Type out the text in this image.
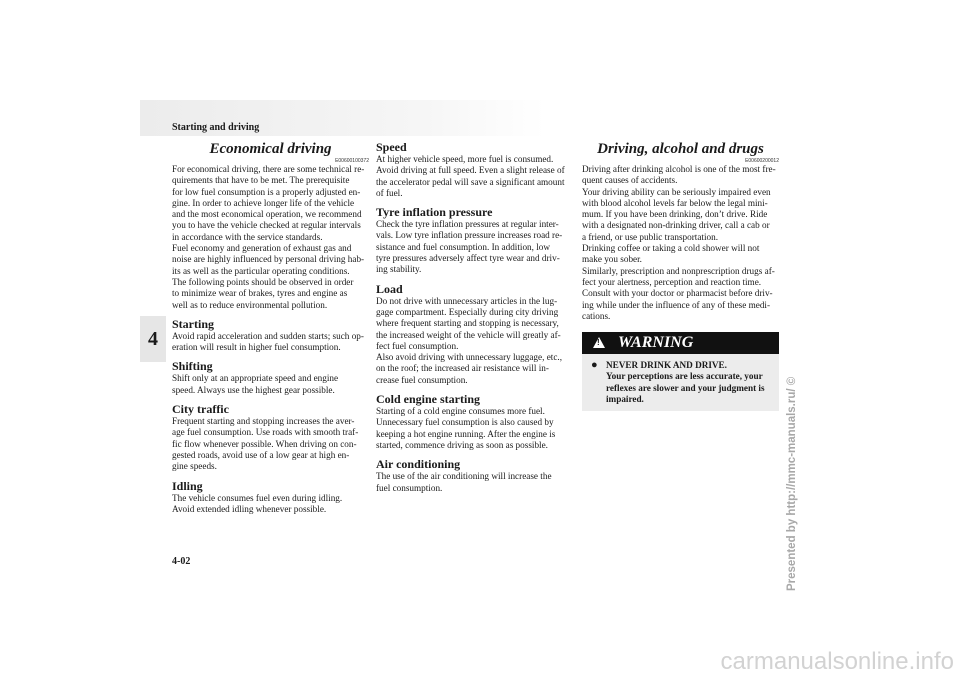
Starting and driving
4
Economical driving
E00600100372

For economical driving, there are some technical re-
quirements that have to be met. The prerequisite
for low fuel consumption is a properly adjusted en-
gine. In order to achieve longer life of the vehicle
and the most economical operation, we recommend
you to have the vehicle checked at regular intervals
in accordance with the service standards.
Fuel economy and generation of exhaust gas and
noise are highly influenced by personal driving hab-
its as well as the particular operating conditions.
The following points should be observed in order
to minimize wear of brakes, tyres and engine as
well as to reduce environmental pollution.

Starting

Avoid rapid acceleration and sudden starts; such op-
eration will result in higher fuel consumption.

Shifting

Shift only at an appropriate speed and engine
speed. Always use the highest gear possible.

City traffic

Frequent starting and stopping increases the aver-
age fuel consumption. Use roads with smooth traf-
fic flow whenever possible. When driving on con-
gested roads, avoid use of a low gear at high en-
gine speeds.

Idling

The vehicle consumes fuel even during idling.
Avoid extended idling whenever possible.

Speed

At higher vehicle speed, more fuel is consumed.
Avoid driving at full speed. Even a slight release of
the accelerator pedal will save a significant amount
of fuel.

Tyre inflation pressure

Check the tyre inflation pressures at regular inter-
vals. Low tyre inflation pressure increases road re-
sistance and fuel consumption. In addition, low
tyre pressures adversely affect tyre wear and driv-
ing stability.

Load

Do not drive with unnecessary articles in the lug-
gage compartment. Especially during city driving
where frequent starting and stopping is necessary,
the increased weight of the vehicle will greatly af-
fect fuel consumption.
Also avoid driving with unnecessary luggage, etc.,
on the roof; the increased air resistance will in-
crease fuel consumption.

Cold engine starting

Starting of a cold engine consumes more fuel.
Unnecessary fuel consumption is also caused by
keeping a hot engine running. After the engine is
started, commence driving as soon as possible.

Air conditioning

The use of the air conditioning will increase the
fuel consumption.

Driving, alcohol and drugs
E00600200012

Driving after drinking alcohol is one of the most fre-
quent causes of accidents.
Your driving ability can be seriously impaired even
with blood alcohol levels far below the legal mini-
mum. If you have been drinking, don’t drive. Ride
with a designated non-drinking driver, call a cab or
a friend, or use public transportation.
Drinking coffee or taking a cold shower will not
make you sober.
Similarly, prescription and nonprescription drugs af-
fect your alertness, perception and reaction time.
Consult with your doctor or pharmacist before driv-
ing while under the influence of any of these medi-
cations.

! WARNING
● NEVER DRINK AND DRIVE.
Your perceptions are less accurate, your
reflexes are slower and your judgment is
impaired.
4-02	Presented by http://mmc-manuals.ru/ ©
carmanualsonline.info
